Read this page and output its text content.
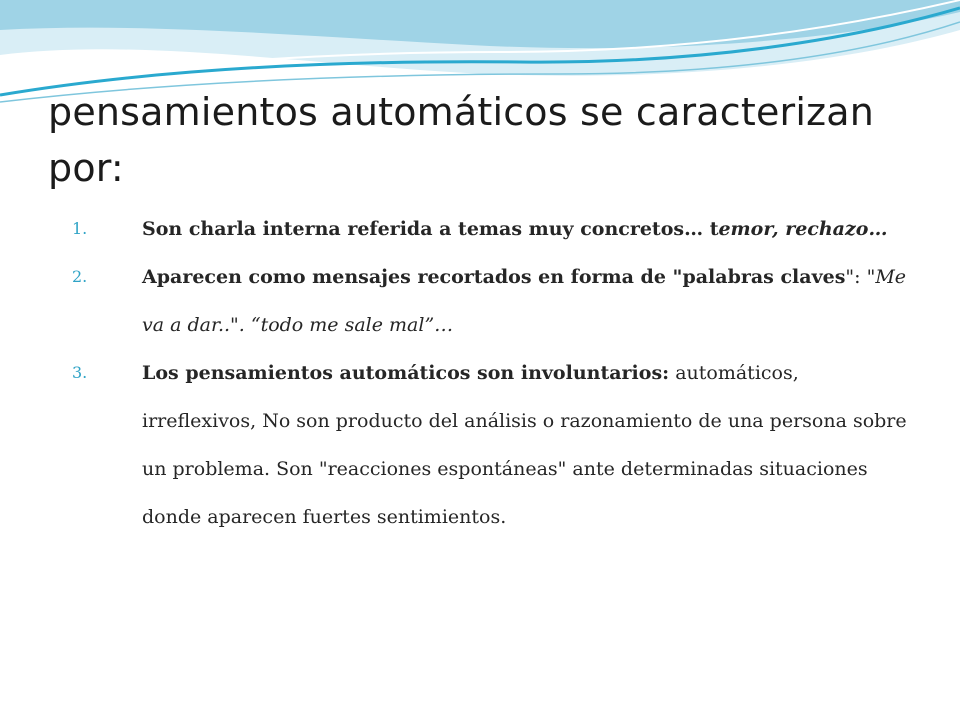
pensamientos automáticos se caracterizan por:
1.	Son charla interna referida a temas muy concretos… temor, rechazo…
2.	Aparecen como mensajes recortados en forma de "palabras claves": "Me va a dar..". “todo me sale mal”…
3.	Los pensamientos automáticos son involuntarios: automáticos, irreflexivos, No son producto del análisis o razonamiento de una persona sobre un problema. Son "reacciones espontáneas" ante determinadas situaciones donde aparecen fuertes sentimientos.
